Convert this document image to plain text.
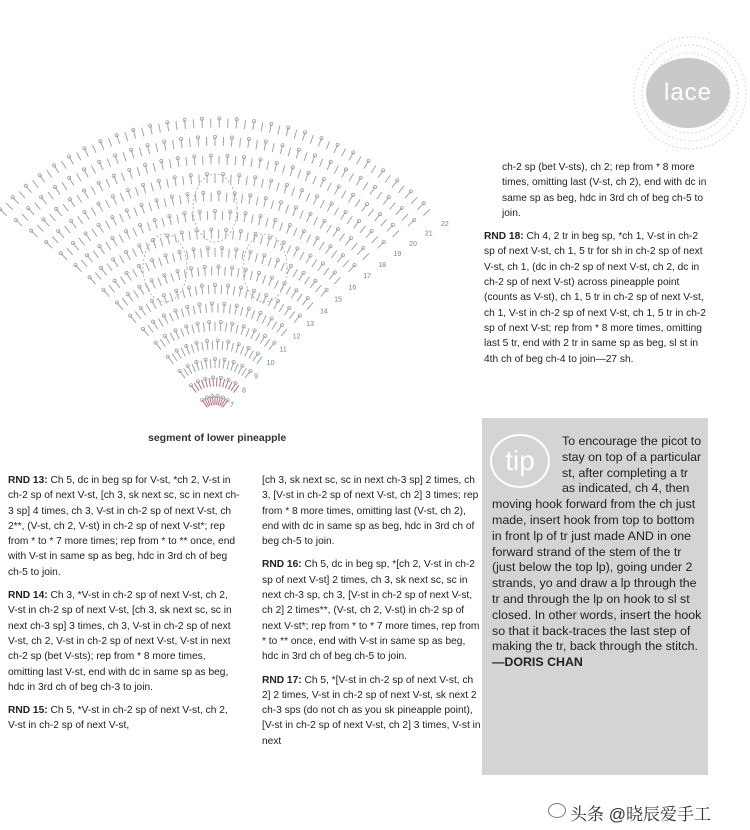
lace
7
8
9
10
11
12
13
14
15
16
17
18
19
20
21
22
segment of lower pineapple

RND 13: Ch 5, dc in beg sp for V-st, *ch 2, V-st in ch-2 sp of next V-st, [ch 3, sk next sc, sc in next ch-3 sp] 4 times, ch 3, V-st in ch-2 sp of next V-st, ch 2**, (V-st, ch 2, V-st) in ch-2 sp of next V-st*; rep from * to * 7 more times; rep from * to ** once, end with V-st in same sp as beg, hdc in 3rd ch of beg ch-5 to join.

RND 14: Ch 3, *V-st in ch-2 sp of next V-st, ch 2, V-st in ch-2 sp of next V-st, [ch 3, sk next sc, sc in next ch-3 sp] 3 times, ch 3, V-st in ch-2 sp of next V-st, ch 2, V-st in ch-2 sp of next V-st, V-st in next ch-2 sp (bet V-sts); rep from * 8 more times, omitting last V-st, end with dc in same sp as beg, hdc in 3rd ch of beg ch-3 to join.

RND 15: Ch 5, *V-st in ch-2 sp of next V-st, ch 2, V-st in ch-2 sp of next V-st,

[ch 3, sk next sc, sc in next ch-3 sp] 2 times, ch 3, [V-st in ch-2 sp of next V-st, ch 2] 3 times; rep from * 8 more times, omitting last (V-st, ch 2), end with dc in same sp as beg, hdc in 3rd ch of beg ch-5 to join.

RND 16: Ch 5, dc in beg sp, *[ch 2, V-st in ch-2 sp of next V-st] 2 times, ch 3, sk next sc, sc in next ch-3 sp, ch 3, [V-st in ch-2 sp of next V-st, ch 2] 2 times**, (V-st, ch 2, V-st) in ch-2 sp of next V-st*; rep from * to * 7 more times, rep from * to ** once, end with V-st in same sp as beg, hdc in 3rd ch of beg ch-5 to join.

RND 17: Ch 5, *[V-st in ch-2 sp of next V-st, ch 2] 2 times, V-st in ch-2 sp of next V-st, sk next 2 ch-3 sps (do not ch as you sk pineapple point), [V-st in ch-2 sp of next V-st, ch 2] 3 times, V-st in next

ch-2 sp (bet V-sts), ch 2; rep from * 8 more times, omitting last (V-st, ch 2), end with dc in same sp as beg, hdc in 3rd ch of beg ch-5 to join.

RND 18: Ch 4, 2 tr in beg sp, *ch 1, V-st in ch-2 sp of next V-st, ch 1, 5 tr for sh in ch-2 sp of next V-st, ch 1, (dc in ch-2 sp of next V-st, ch 2, dc in ch-2 sp of next V-st) across pineapple point (counts as V-st), ch 1, 5 tr in ch-2 sp of next V-st, ch 1, V-st in ch-2 sp of next V-st, ch 1, 5 tr in ch-2 sp of next V-st; rep from * 8 more times, omitting last 5 tr, end with 2 tr in same sp as beg, sl st in 4th ch of beg ch-4 to join—27 sh.

tip
To encourage the picot to stay on top of a particular st, after completing a tr as indicated, ch 4, then moving hook forward from the ch just made, insert hook from top to bottom in front lp of tr just made AND in one forward strand of the stem of the tr (just below the top lp), going under 2 strands, yo and draw a lp through the tr and through the lp on hook to sl st closed. In other words, insert the hook so that it back-traces the last step of making the tr, back through the stitch. —DORIS CHAN
头条 @晓辰爱手工
